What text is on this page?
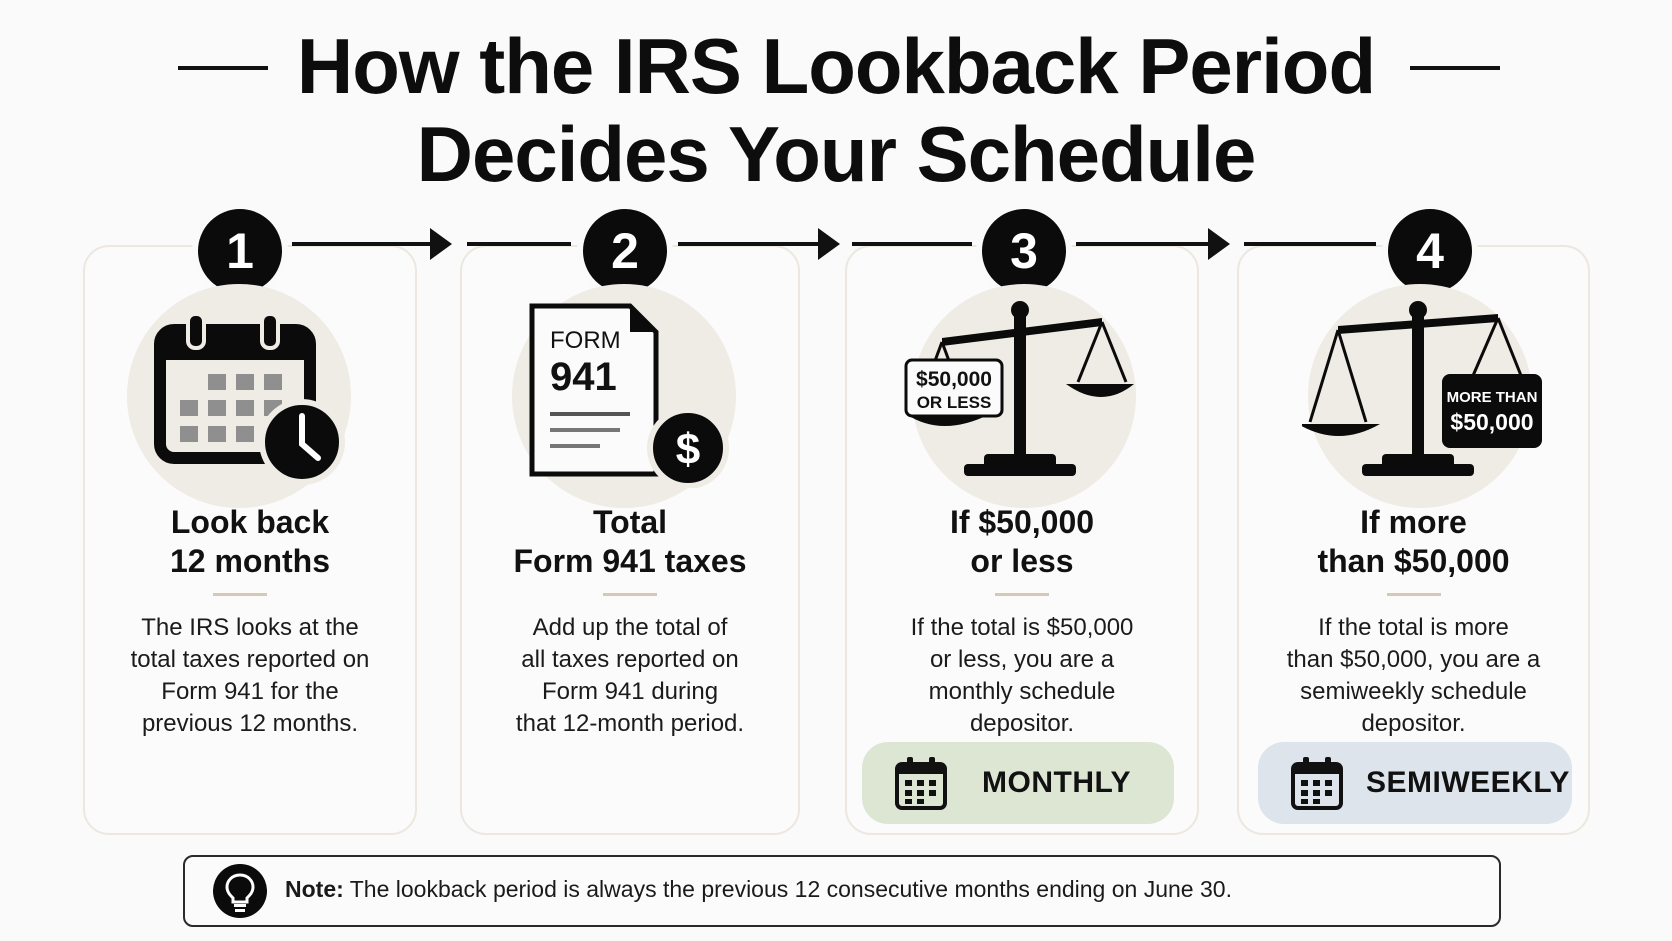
How the IRS Lookback Period
Decides Your Schedule
1	2	3	4
FORM
941
$
$50,000
OR LESS	MORE THAN
$50,000
Look back
12 months
Total
Form 941 taxes
If $50,000
or less
If more
than $50,000
The IRS looks at the
total taxes reported on
Form 941 for the
previous 12 months.
Add up the total of
all taxes reported on
Form 941 during
that 12-month period.
If the total is $50,000
or less, you are a
monthly schedule
depositor.
If the total is more
than $50,000, you are a
semiweekly schedule
depositor.
MONTHLY	SEMIWEEKLY
Note: The lookback period is always the previous 12 consecutive months ending on June 30.
